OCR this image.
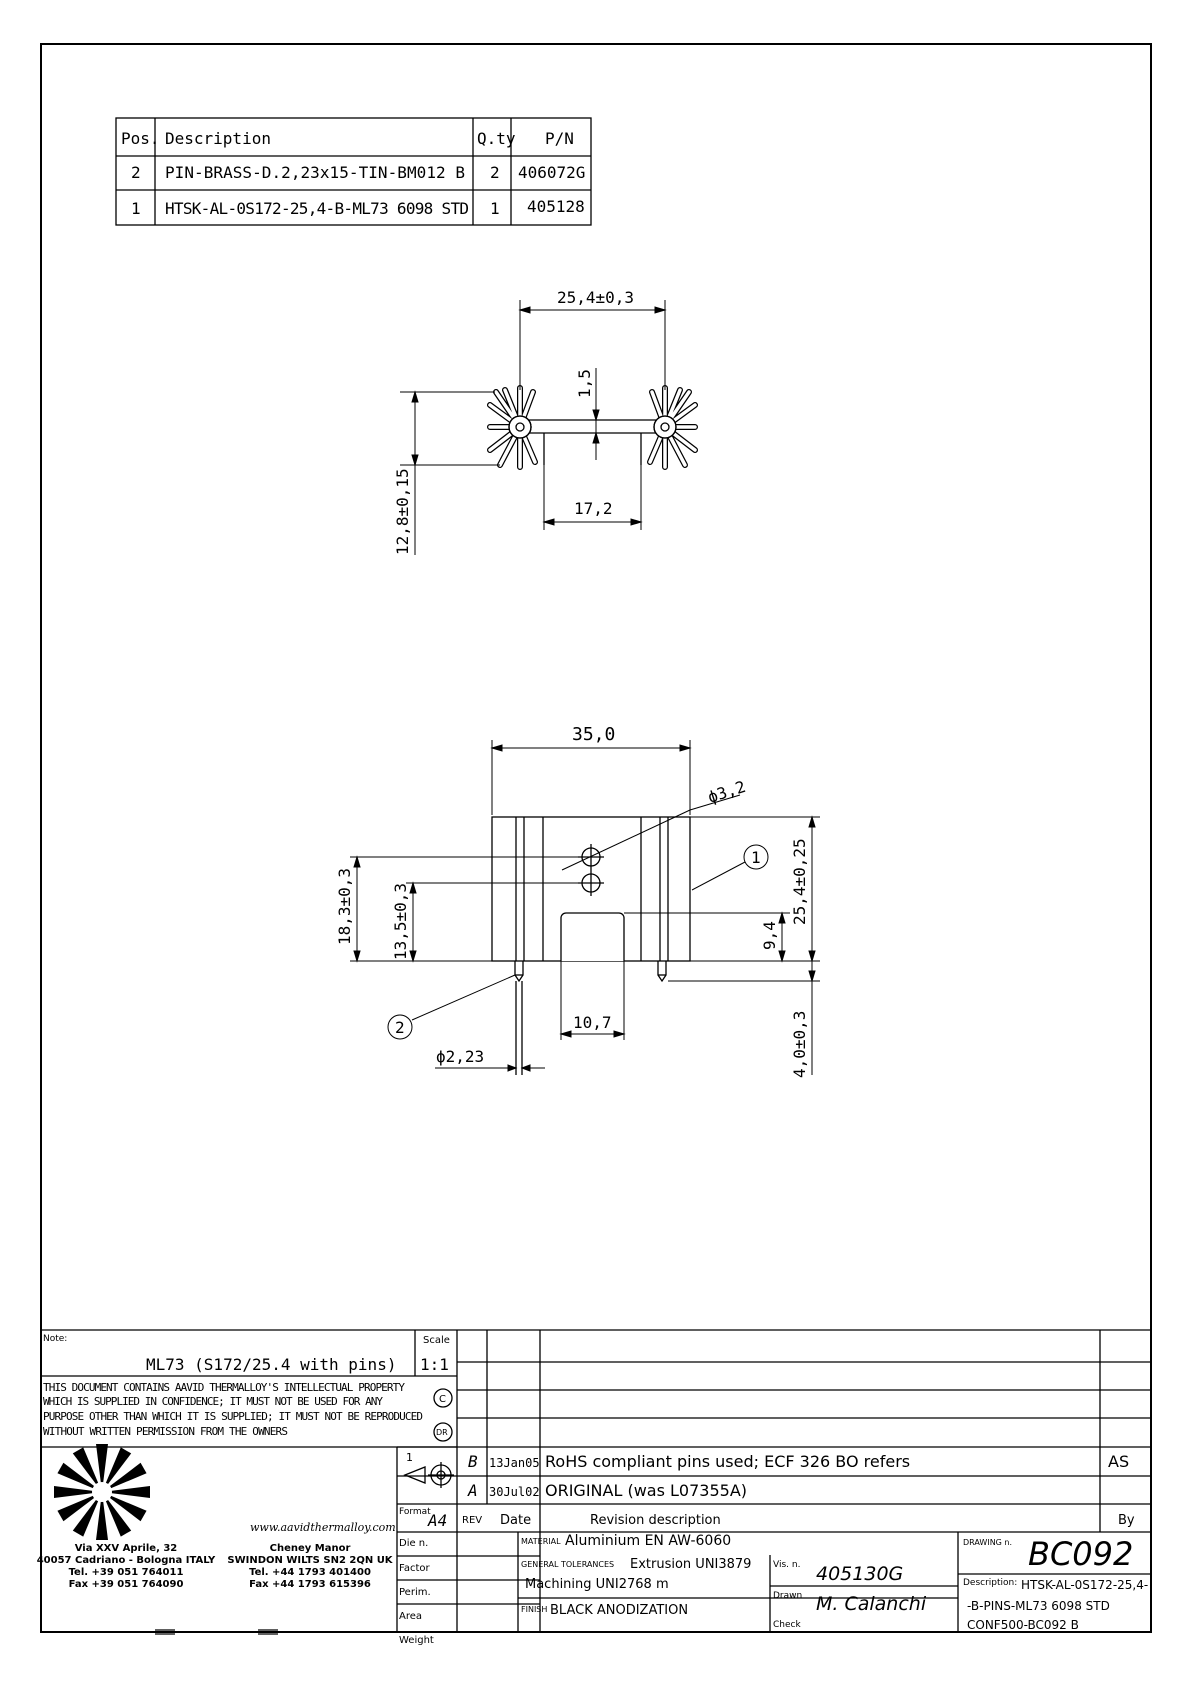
Pos. Description	Q.ty P/N
2 PIN-BRASS-D.2,23x15-TIN-BM012 B 2 406072G
1 HTSK-AL-0S172-25,4-B-ML73 6098 STD 1 405128
25,4±0,3
1,5
17,2
12,8±0,15
35,0
ϕ3,2
25,4±0,25
18,3±0,3 13,5±0,3	9,4
10,7
ϕ2,23	4,0±0,3
1
2
Note:
ML73 (S172/25.4 with pins)
Scale
1:1
THIS DOCUMENT CONTAINS AAVID THERMALLOY'S INTELLECTUAL PROPERTY
WHICH IS SUPPLIED IN CONFIDENCE; IT MUST NOT BE USED FOR ANY
PURPOSE OTHER THAN WHICH IT IS SUPPLIED; IT MUST NOT BE REPRODUCED
WITHOUT WRITTEN PERMISSION FROM THE OWNERS
C
DR
www.aavidthermalloy.com
Via XXV Aprile, 32
40057 Cadriano - Bologna ITALY
Tel. +39 051 764011
Fax +39 051 764090
Cheney Manor
SWINDON WILTS SN2 2QN UK
Tel. +44 1793 401400
Fax +44 1793 615396
1
Format
A4 REV Date	Revision description	By
B 13Jan05 RoHS compliant pins used; ECF 326 BO refers	AS
A 30Jul02 ORIGINAL (was L07355A)
Die n.
Factor
Perim.
Area
Weight
MATERIAL Aluminium EN AW-6060
GENERAL TOLERANCES Extrusion UNI3879
Machining UNI2768 m
FINISH BLACK ANODIZATION
Vis. n. 405130G
Drawn M. Calanchi
Check
DRAWING n. BC092
Description: HTSK-AL-0S172-25,4-
-B-PINS-ML73 6098 STD
CONF500-BC092 B
